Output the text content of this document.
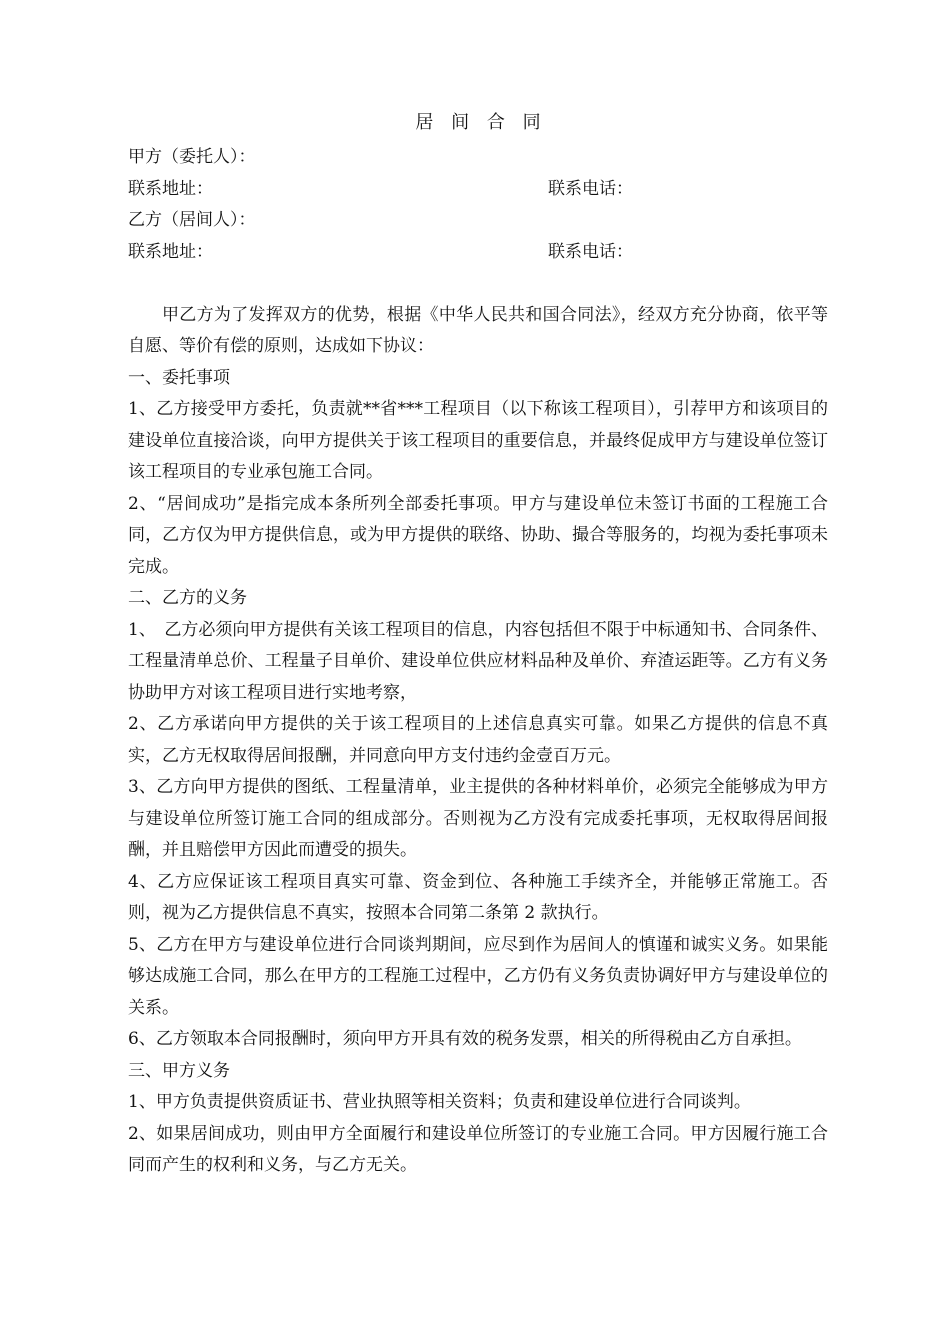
居 间 合 同
甲方（委托人）：
联系地址：	联系电话：
乙方（居间人）：
联系地址：	联系电话：
甲乙方为了发挥双方的优势，根据《中华人民共和国合同法》，经双方充分协商，依平等自愿、等价有偿的原则，达成如下协议：
一、委托事项
1、乙方接受甲方委托，负责就**省***工程项目（以下称该工程项目），引荐甲方和该项目的建设单位直接洽谈，向甲方提供关于该工程项目的重要信息，并最终促成甲方与建设单位签订该工程项目的专业承包施工合同。
2、“居间成功”是指完成本条所列全部委托事项。甲方与建设单位未签订书面的工程施工合同，乙方仅为甲方提供信息，或为甲方提供的联络、协助、撮合等服务的，均视为委托事项未完成。
二、乙方的义务
1、　乙方必须向甲方提供有关该工程项目的信息，内容包括但不限于中标通知书、合同条件、工程量清单总价、工程量子目单价、建设单位供应材料品种及单价、弃渣运距等。乙方有义务协助甲方对该工程项目进行实地考察，
2、乙方承诺向甲方提供的关于该工程项目的上述信息真实可靠。如果乙方提供的信息不真实，乙方无权取得居间报酬，并同意向甲方支付违约金壹百万元。
3、乙方向甲方提供的图纸、工程量清单，业主提供的各种材料单价，必须完全能够成为甲方与建设单位所签订施工合同的组成部分。否则视为乙方没有完成委托事项，无权取得居间报酬，并且赔偿甲方因此而遭受的损失。
4、乙方应保证该工程项目真实可靠、资金到位、各种施工手续齐全，并能够正常施工。否则，视为乙方提供信息不真实，按照本合同第二条第 2 款执行。
5、乙方在甲方与建设单位进行合同谈判期间，应尽到作为居间人的慎谨和诚实义务。如果能够达成施工合同，那么在甲方的工程施工过程中，乙方仍有义务负责协调好甲方与建设单位的关系。
6、乙方领取本合同报酬时，须向甲方开具有效的税务发票，相关的所得税由乙方自承担。
三、甲方义务
1、甲方负责提供资质证书、营业执照等相关资料；负责和建设单位进行合同谈判。
2、如果居间成功，则由甲方全面履行和建设单位所签订的专业施工合同。甲方因履行施工合同而产生的权利和义务，与乙方无关。
